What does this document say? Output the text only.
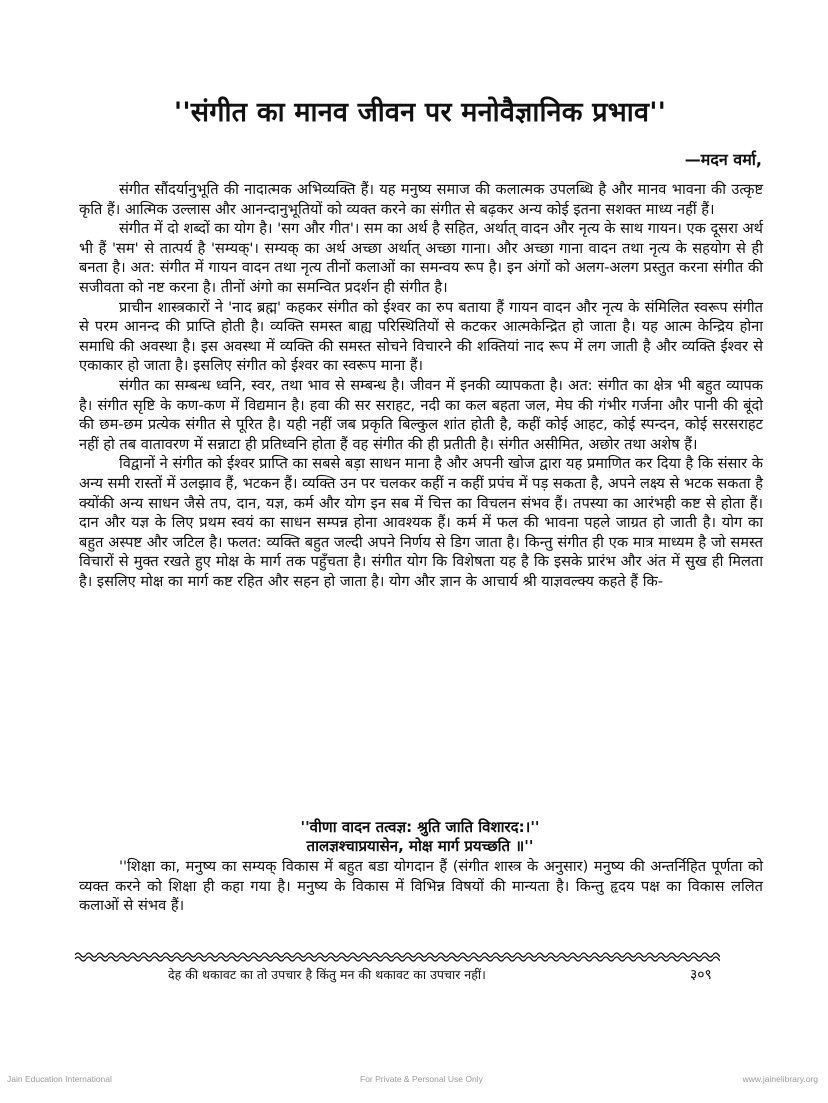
''संगीत का मानव जीवन पर मनोवैज्ञानिक प्रभाव''
—मदन वर्मा,

संगीत सौंदर्यानुभूति की नादात्मक अभिव्यक्ति हैं। यह मनुष्य समाज की कलात्मक उपलब्धि है और मानव भावना की उत्कृष्ट कृति हैं। आत्मिक उल्लास और आनन्दानुभूतियों को व्यक्त करने का संगीत से बढ़कर अन्य कोई इतना सशक्त माध्य नहीं हैं।

संगीत में दो शब्दों का योग है। 'सग और गीत'। सम का अर्थ है सहित, अर्थात् वादन और नृत्य के साथ गायन। एक दूसरा अर्थ भी हैं 'सम' से तात्पर्य है 'सम्यक्'। सम्यक् का अर्थ अच्छा अर्थात् अच्छा गाना। और अच्छा गाना वादन तथा नृत्य के सहयोग से ही बनता है। अत: संगीत में गायन वादन तथा नृत्य तीनों कलाओं का समन्वय रूप है। इन अंगों को अलग-अलग प्रस्तुत करना संगीत की सजीवता को नष्ट करना है। तीनों अंगो का समन्वित प्रदर्शन ही संगीत है।

प्राचीन शास्त्रकारों ने 'नाद ब्रह्म' कहकर संगीत को ईश्वर का रुप बताया हैं गायन वादन और नृत्य के संमिलित स्वरूप संगीत से परम आनन्द की प्राप्ति होती है। व्यक्ति समस्त बाह्य परिस्थितियों से कटकर आत्मकेन्द्रित हो जाता है। यह आत्म केन्द्रिय होना समाधि की अवस्था है। इस अवस्था में व्यक्ति की समस्त सोचने विचारने की शक्तियां नाद रूप में लग जाती है और व्यक्ति ईश्वर से एकाकार हो जाता है। इसलिए संगीत को ईश्वर का स्वरूप माना हैं।

संगीत का सम्बन्ध ध्वनि, स्वर, तथा भाव से सम्बन्ध है। जीवन में इनकी व्यापकता है। अत: संगीत का क्षेत्र भी बहुत व्यापक है। संगीत सृष्टि के कण-कण में विद्यमान है। हवा की सर सराहट, नदी का कल बहता जल, मेघ की गंभीर गर्जना और पानी की बूंदो की छम-छम प्रत्येक संगीत से पूरित है। यही नहीं जब प्रकृति बिल्कुल शांत होती है, कहीं कोई आहट, कोई स्पन्दन, कोई सरसराहट नहीं हो तब वातावरण में सन्नाटा ही प्रतिध्वनि होता हैं वह संगीत की ही प्रतीती है। संगीत असीमित, अछोर तथा अशेष हैं।

विद्वानों ने संगीत को ईश्वर प्राप्ति का सबसे बड़ा साधन माना है और अपनी खोज द्वारा यह प्रमाणित कर दिया है कि संसार के अन्य समी रास्तों में उलझाव हैं, भटकन हैं। व्यक्ति उन पर चलकर कहीं न कहीं प्रपंच में पड़ सकता है, अपने लक्ष्य से भटक सकता है क्योंकी अन्य साधन जैसे तप, दान, यज्ञ, कर्म और योग इन सब में चित्त का विचलन संभव हैं। तपस्या का आरंभही कष्ट से होता हैं। दान और यज्ञ के लिए प्रथम स्वयं का साधन सम्पन्न होना आवश्यक हैं। कर्म में फल की भावना पहले जाग्रत हो जाती है। योग का बहुत अस्पष्ट और जटिल है। फलत: व्यक्ति बहुत जल्दी अपने निर्णय से डिग जाता है। किन्तु संगीत ही एक मात्र माध्यम है जो समस्त विचारों से मुक्त रखते हुए मोक्ष के मार्ग तक पहुँचता है। संगीत योग कि विशेषता यह है कि इसके प्रारंभ और अंत में सुख ही मिलता है। इसलिए मोक्ष का मार्ग कष्ट रहित और सहन हो जाता है। योग और ज्ञान के आचार्य श्री याज्ञवल्क्य कहते हैं कि-

''वीणा वादन तत्वज्ञ: श्रुति जाति विशारद:।''
तालज्ञश्चाप्रयासेन, मोक्ष मार्ग प्रयच्छति ॥''

''शिक्षा का, मनुष्य का सम्यक् विकास में बहुत बडा योगदान हैं (संगीत शास्त्र के अनुसार) मनुष्य की अन्तर्निहित पूर्णता को व्यक्त करने को शिक्षा ही कहा गया है। मनुष्य के विकास में विभिन्न विषयों की मान्यता है। किन्तु हृदय पक्ष का विकास ललित कलाओं से संभव हैं।

देह की थकावट का तो उपचार है किंतु मन की थकावट का उपचार नहीं।	३०९
Jain Education International	For Private & Personal Use Only	www.jainelibrary.org
